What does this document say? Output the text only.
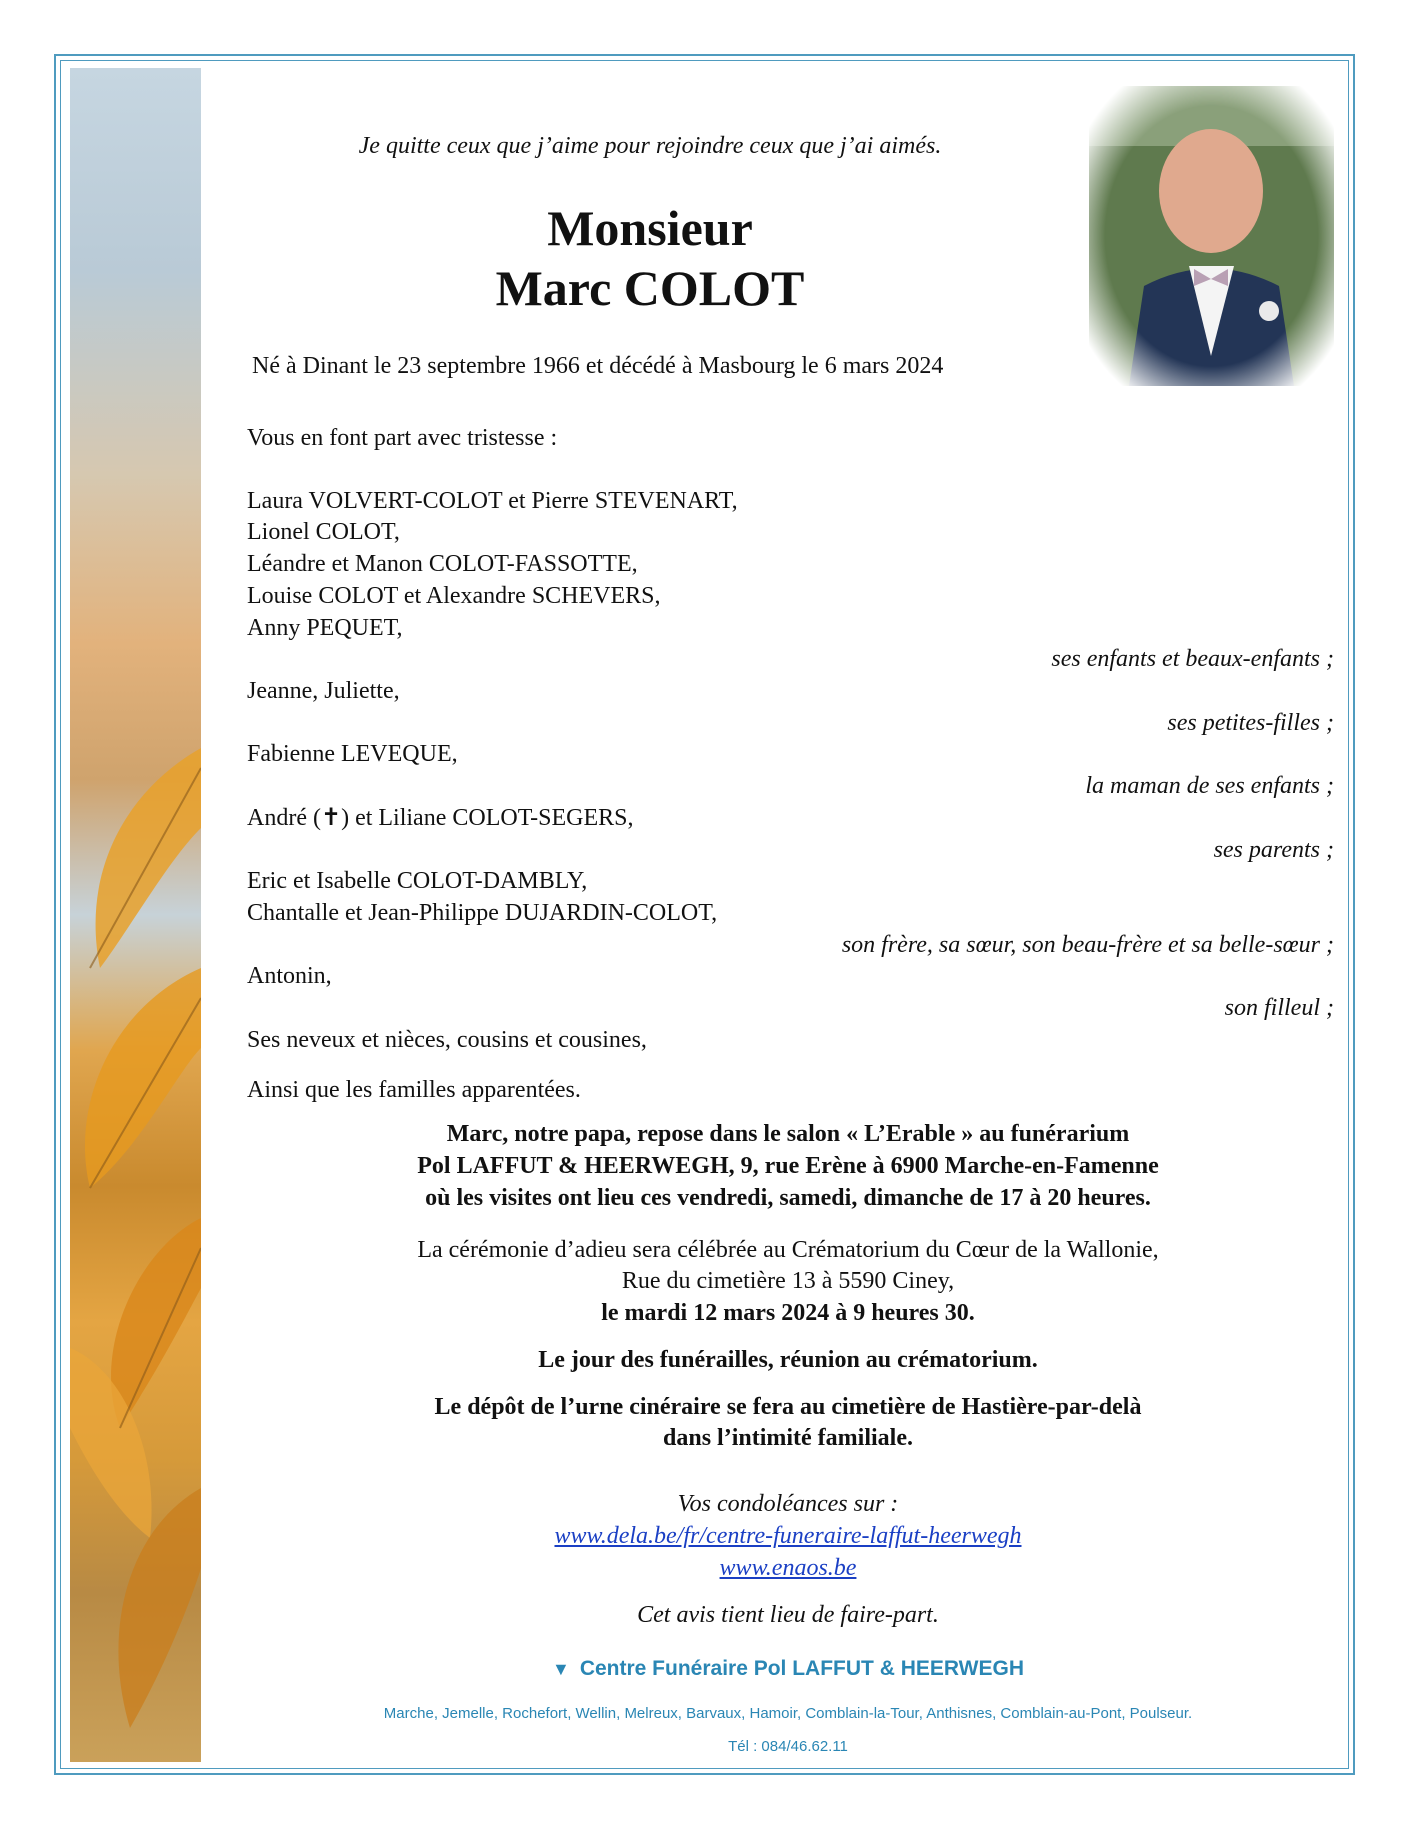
Je quitte ceux que j’aime pour rejoindre ceux que j’ai aimés.
Monsieur
Marc COLOT
Né à Dinant le 23 septembre 1966 et décédé à Masbourg le 6 mars 2024
Vous en font part avec tristesse :
Laura VOLVERT-COLOT et Pierre STEVENART,
Lionel COLOT,
Léandre et Manon COLOT-FASSOTTE,
Louise COLOT et Alexandre SCHEVERS,
Anny PEQUET,
ses enfants et beaux-enfants ;
Jeanne, Juliette,
ses petites-filles ;
Fabienne LEVEQUE,
la maman de ses enfants ;
André (✝) et Liliane COLOT-SEGERS,
ses parents ;
Eric et Isabelle COLOT-DAMBLY,
Chantalle et Jean-Philippe DUJARDIN-COLOT,
son frère, sa sœur, son beau-frère et sa belle-sœur ;
Antonin,
son filleul ;
Ses neveux et nièces, cousins et cousines,
Ainsi que les familles apparentées.
Marc, notre papa, repose dans le salon « L’Erable » au funérarium
Pol LAFFUT & HEERWEGH, 9, rue Erène à 6900 Marche-en-Famenne
où les visites ont lieu ces vendredi, samedi, dimanche de 17 à 20 heures.
La cérémonie d’adieu sera célébrée au Crématorium du Cœur de la Wallonie,
Rue du cimetière 13 à 5590 Ciney,
le mardi 12 mars 2024 à 9 heures 30.
Le jour des funérailles, réunion au crématorium.
Le dépôt de l’urne cinéraire se fera au cimetière de Hastière-par-delà
dans l’intimité familiale.
Vos condoléances sur :
www.dela.be/fr/centre-funeraire-laffut-heerwegh
www.enaos.be
Cet avis tient lieu de faire-part.
▼ Centre Funéraire Pol LAFFUT & HEERWEGH
Marche, Jemelle, Rochefort, Wellin, Melreux, Barvaux, Hamoir, Comblain-la-Tour, Anthisnes, Comblain-au-Pont, Poulseur.
Tél : 084/46.62.11
